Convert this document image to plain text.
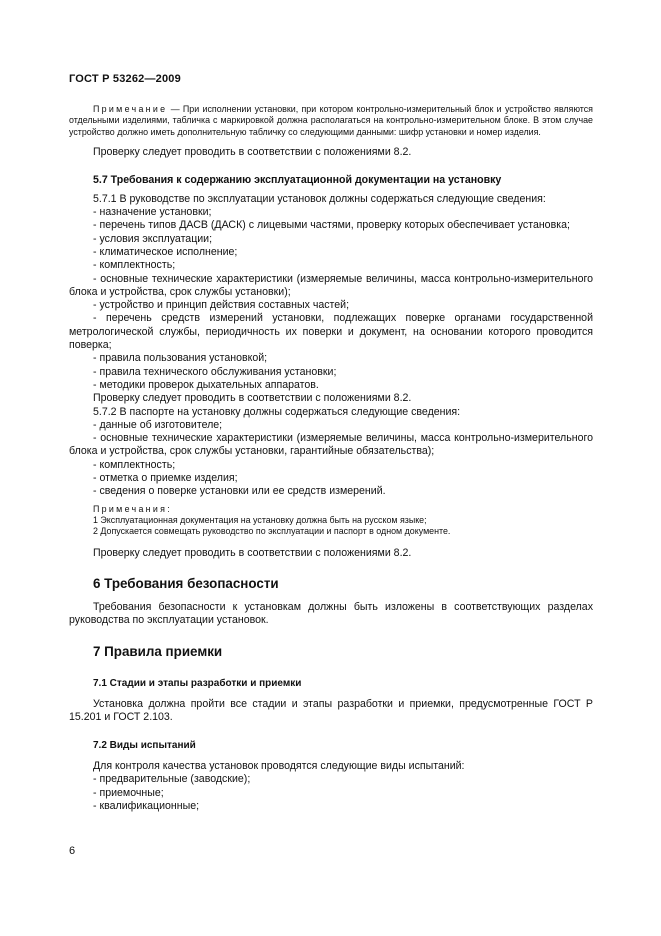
ГОСТ Р 53262—2009

Примечание — При исполнении установки, при котором контрольно-измерительный блок и устройство являются отдельными изделиями, табличка с маркировкой должна располагаться на контрольно-измерительном блоке. В этом случае устройство должно иметь дополнительную табличку со следующими данными: шифр установки и номер изделия.

Проверку следует проводить в соответствии с положениями 8.2.

5.7 Требования к содержанию эксплуатационной документации на установку

5.7.1 В руководстве по эксплуатации установок должны содержаться следующие сведения:

- назначение установки;

- перечень типов ДАСВ (ДАСК) с лицевыми частями, проверку которых обеспечивает установка;

- условия эксплуатации;

- климатическое исполнение;

- комплектность;

- основные технические характеристики (измеряемые величины, масса контрольно-измерительного блока и устройства, срок службы установки);

- устройство и принцип действия составных частей;

- перечень средств измерений установки, подлежащих поверке органами государственной метрологической службы, периодичность их поверки и документ, на основании которого проводится поверка;

- правила пользования установкой;

- правила технического обслуживания установки;

- методики проверок дыхательных аппаратов.

Проверку следует проводить в соответствии с положениями 8.2.

5.7.2 В паспорте на установку должны содержаться следующие сведения:

- данные об изготовителе;

- основные технические характеристики (измеряемые величины, масса контрольно-измерительного блока и устройства, срок службы установки, гарантийные обязательства);

- комплектность;

- отметка о приемке изделия;

- сведения о поверке установки или ее средств измерений.

Примечания:

1 Эксплуатационная документация на установку должна быть на русском языке;

2 Допускается совмещать руководство по эксплуатации и паспорт в одном документе.

Проверку следует проводить в соответствии с положениями 8.2.

6 Требования безопасности

Требования безопасности к установкам должны быть изложены в соответствующих разделах руководства по эксплуатации установок.

7 Правила приемки

7.1 Стадии и этапы разработки и приемки

Установка должна пройти все стадии и этапы разработки и приемки, предусмотренные ГОСТ Р 15.201 и ГОСТ 2.103.

7.2 Виды испытаний

Для контроля качества установок проводятся следующие виды испытаний:

- предварительные (заводские);

- приемочные;

- квалификационные;

6
